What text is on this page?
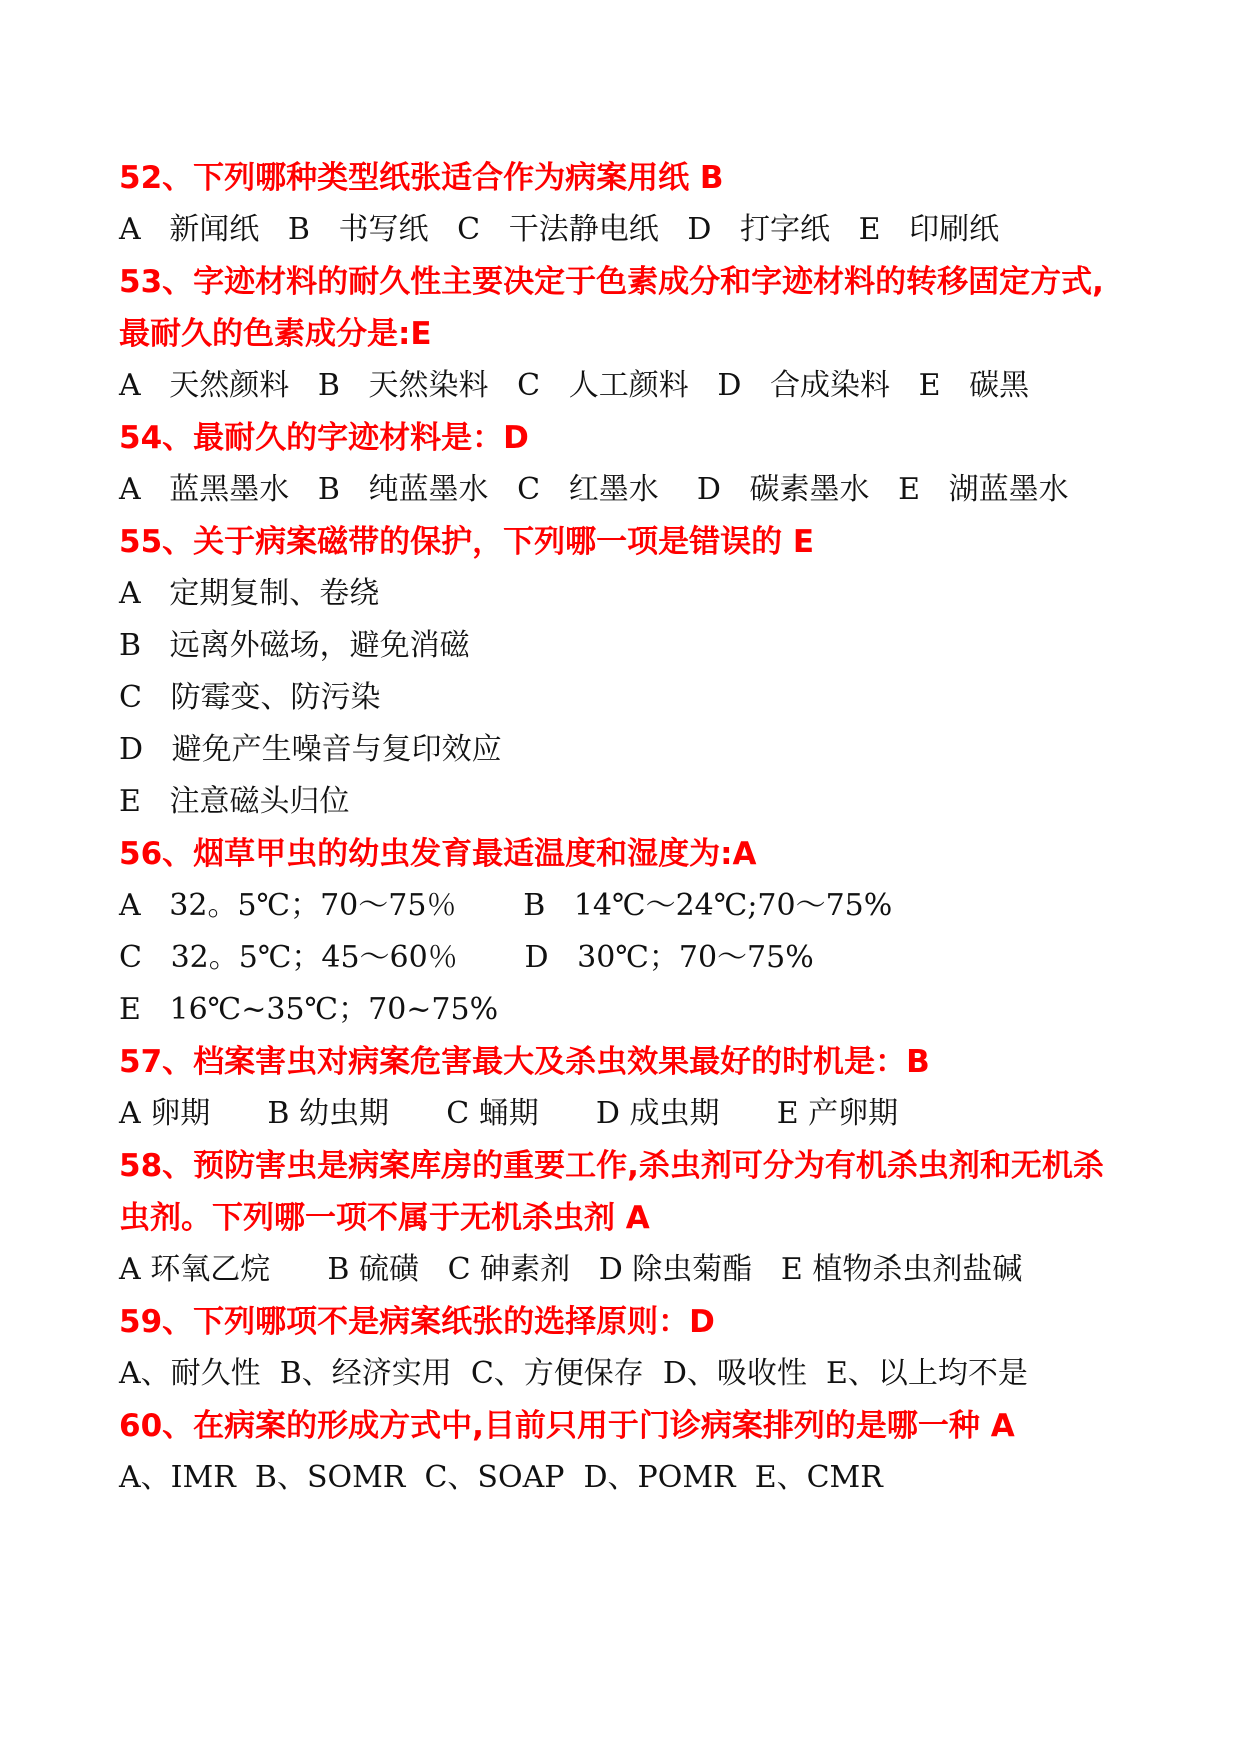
52、下列哪种类型纸张适合作为病案用纸 B
A   新闻纸   B   书写纸   C   干法静电纸   D   打字纸   E   印刷纸
53、字迹材料的耐久性主要决定于色素成分和字迹材料的转移固定方式,最耐久的色素成分是:E
A   天然颜料   B   天然染料   C   人工颜料   D   合成染料   E   碳黑
54、最耐久的字迹材料是：D
A   蓝黑墨水   B   纯蓝墨水   C   红墨水    D   碳素墨水   E   湖蓝墨水
55、关于病案磁带的保护，下列哪一项是错误的 E
A   定期复制、卷绕
B   远离外磁场，避免消磁
C   防霉变、防污染
D   避免产生噪音与复印效应
E   注意磁头归位
56、烟草甲虫的幼虫发育最适温度和湿度为:A
A   32。5℃；70～75％       B   14℃～24℃;70～75%
C   32。5℃；45～60％       D   30℃；70～75%
E   16℃~35℃；70~75%
57、档案害虫对病案危害最大及杀虫效果最好的时机是：B
A 卵期      B 幼虫期      C 蛹期      D 成虫期      E 产卵期
58、预防害虫是病案库房的重要工作,杀虫剂可分为有机杀虫剂和无机杀虫剂。下列哪一项不属于无机杀虫剂 A
A 环氧乙烷      B 硫磺   C 砷素剂   D 除虫菊酯   E 植物杀虫剂盐碱
59、下列哪项不是病案纸张的选择原则：D
A、耐久性  B、经济实用  C、方便保存  D、吸收性  E、以上均不是
60、在病案的形成方式中,目前只用于门诊病案排列的是哪一种 A
A、IMR  B、SOMR  C、SOAP  D、POMR  E、CMR
